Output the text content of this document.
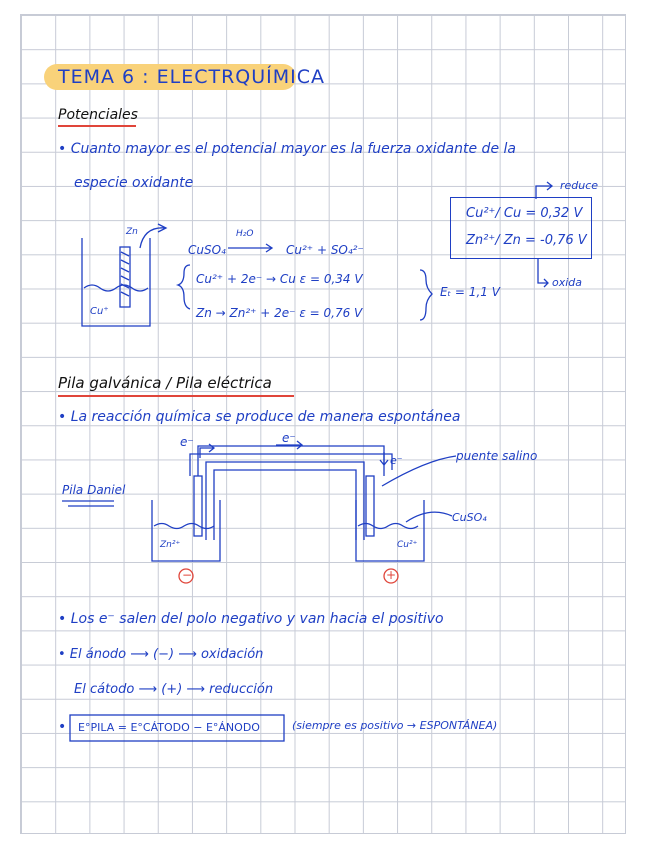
TEMA 6 : ELECTRQUÍMICA
Potenciales
• Cuanto mayor es el potencial mayor es la fuerza oxidante de la
especie oxidante	reduce
Cu²⁺/ Cu = 0,32 V
Zn²⁺/ Zn = -0,76 V
oxida
Zn
Cu⁺
H₂O
CuSO₄	Cu²⁺ + SO₄²⁻
Cu²⁺ + 2e⁻ → Cu ε = 0,34 V
Zn → Zn²⁺ + 2e⁻ ε = 0,76 V
Eₜ = 1,1 V
Pila galvánica / Pila eléctrica
• La reacción química se produce de manera espontánea
e⁻	e⁻
e⁻	puente salino
Pila Daniel
CuSO₄
Zn²⁺	Cu²⁺
−	+
• Los e⁻ salen del polo negativo y van hacia el positivo
• El ánodo ⟶ (−) ⟶ oxidación
El cátodo ⟶ (+) ⟶ reducción
• E°PILA = E°CÁTODO − E°ÁNODO	(siempre es positivo → ESPONTÁNEA)
